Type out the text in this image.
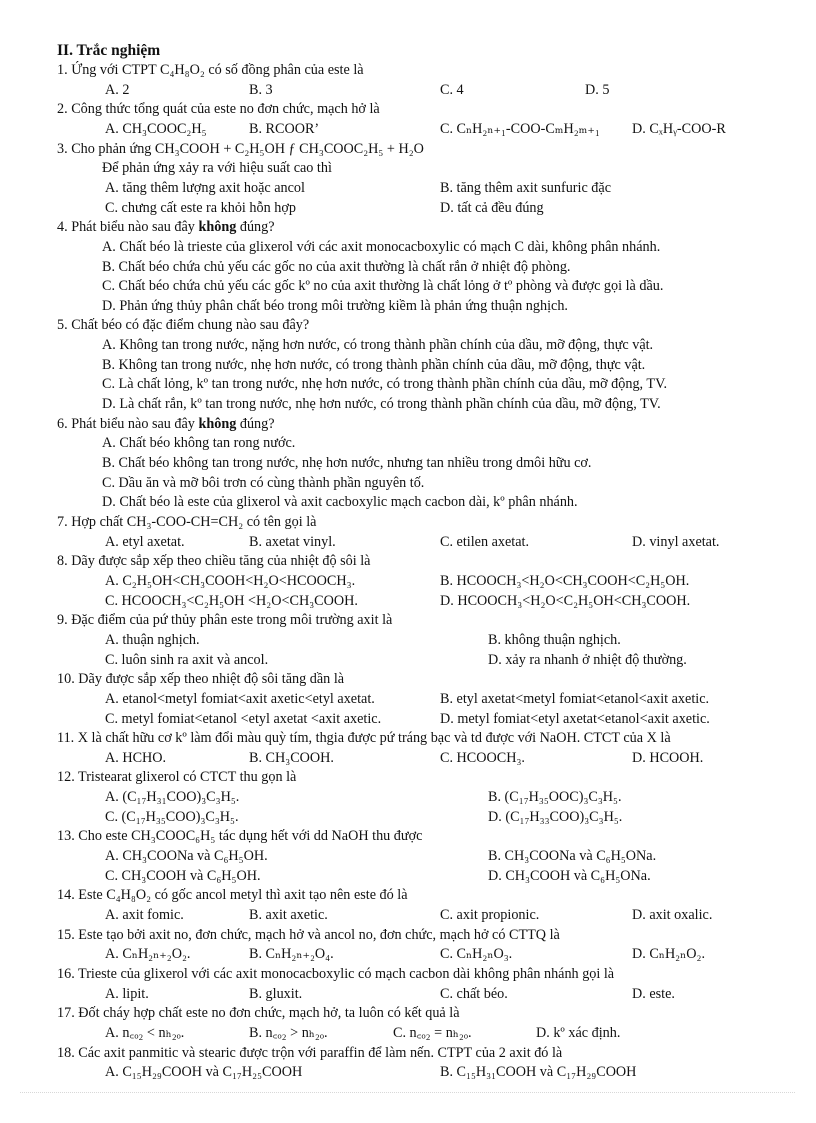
II. Trắc nghiệm
1. Ứng với CTPT C₄H₈O₂ có số đồng phân của este là
A. 2	B. 3	C. 4	D. 5
2. Công thức tổng quát của este no đơn chức, mạch hở là
A. CH₃COOC₂H₅	B. RCOOR’	C. CₙH₂ₙ₊₁-COO-CₘH₂ₘ₊₁ D. CₓHᵧ-COO-R
3. Cho phản ứng CH₃COOH + C₂H₅OH ƒ CH₃COOC₂H₅ + H₂O
Để phản ứng xảy ra với hiệu suất cao thì
A. tăng thêm lượng axit hoặc ancol	B. tăng thêm axit sunfuric đặc
C. chưng cất este ra khỏi hỗn hợp	D. tất cả đều đúng
4. Phát biểu nào sau đây không đúng?
A. Chất béo là trieste của glixerol với các axit monocacboxylic có mạch C dài, không phân nhánh.
B. Chất béo chứa chủ yếu các gốc no của axit thường là chất rắn ở nhiệt độ phòng.
C. Chất béo chứa chủ yếu các gốc kº no của axit thường là chất lỏng ở tº phòng và được gọi là dầu.
D. Phản ứng thủy phân chất béo trong môi trường kiềm là phản ứng thuận nghịch.
5. Chất béo có đặc điểm chung nào sau đây?
A. Không tan trong nước, nặng hơn nước, có trong thành phần chính của dầu, mỡ động, thực vật.
B. Không tan trong nước, nhẹ hơn nước, có trong thành phần chính của dầu, mỡ động, thực vật.
C. Là chất lỏng, kº tan trong nước, nhẹ hơn nước, có trong thành phần chính của dầu, mỡ động, TV.
D. Là chất rắn, kº tan trong nước, nhẹ hơn nước, có trong thành phần chính của dầu, mỡ động, TV.
6. Phát biểu nào sau đây không đúng?
A. Chất béo không tan rong nước.
B. Chất béo không tan trong nước, nhẹ hơn nước, nhưng tan nhiều trong dmôi hữu cơ.
C. Dầu ăn và mỡ bôi trơn có cùng thành phần nguyên tố.
D. Chất béo là este của glixerol và axit cacboxylic mạch cacbon dài, kº phân nhánh.
7. Hợp chất CH₃-COO-CH=CH₂ có tên gọi là
A. etyl axetat.	B. axetat vinyl.	C. etilen axetat.	D. vinyl axetat.
8. Dãy được sắp xếp theo chiều tăng của nhiệt độ sôi là
A. C₂H₅OH<CH₃COOH<H₂O<HCOOCH₃.	B. HCOOCH₃<H₂O<CH₃COOH<C₂H₅OH.
C. HCOOCH₃<C₂H₅OH <H₂O<CH₃COOH.	D. HCOOCH₃<H₂O<C₂H₅OH<CH₃COOH.
9. Đặc điểm của pứ thủy phân este trong môi trường axit là
A. thuận nghịch.	B. không thuận nghịch.
C. luôn sinh ra axit và ancol.	D. xảy ra nhanh ở nhiệt độ thường.
10. Dãy được sắp xếp theo nhiệt độ sôi tăng dần là
A. etanol<metyl fomiat<axit axetic<etyl axetat.	B. etyl axetat<metyl fomiat<etanol<axit axetic.
C. metyl fomiat<etanol <etyl axetat <axit axetic.	D. metyl fomiat<etyl axetat<etanol<axit axetic.
11. X là chất hữu cơ kº làm đổi màu quỳ tím, thgia được pứ tráng bạc và td được với NaOH. CTCT của X là
A. HCHO.	B. CH₃COOH.	C. HCOOCH₃.	D. HCOOH.
12. Tristearat glixerol có CTCT thu gọn là
A. (C₁₇H₃₁COO)₃C₃H₅.	B. (C₁₇H₃₅OOC)₃C₃H₅.
C. (C₁₇H₃₅COO)₃C₃H₅.	D. (C₁₇H₃₃COO)₃C₃H₅.
13. Cho este CH₃COOC₆H₅ tác dụng hết với dd NaOH thu được
A. CH₃COONa và C₆H₅OH.	B. CH₃COONa và C₆H₅ONa.
C. CH₃COOH và C₆H₅OH.	D. CH₃COOH và C₆H₅ONa.
14. Este C₄H₈O₂ có gốc ancol metyl thì axit tạo nên este đó là
A. axit fomic.	B. axit axetic.	C. axit propionic.	D. axit oxalic.
15. Este tạo bởi axit no, đơn chức, mạch hở và ancol no, đơn chức, mạch hở có CTTQ là
A. CₙH₂ₙ₊₂O₂.	B. CₙH₂ₙ₊₂O₄.	C. CₙH₂ₙO₃.	D. CₙH₂ₙO₂.
16. Trieste của glixerol với các axit monocacboxylic có mạch cacbon dài không phân nhánh gọi là
A. lipit.	B. gluxit.	C. chất béo.	D. este.
17. Đốt cháy hợp chất este no đơn chức, mạch hở, ta luôn có kết quả là
A. n꜀ₒ₂ < nₕ₂ₒ.	B. n꜀ₒ₂ > nₕ₂ₒ.	C. n꜀ₒ₂ = nₕ₂ₒ.	D. kº xác định.
18. Các axit panmitic và stearic được trộn với paraffin để làm nến. CTPT của 2 axit đó là
A. C₁₅H₂₉COOH và C₁₇H₂₅COOH	B. C₁₅H₃₁COOH và C₁₇H₂₉COOH
